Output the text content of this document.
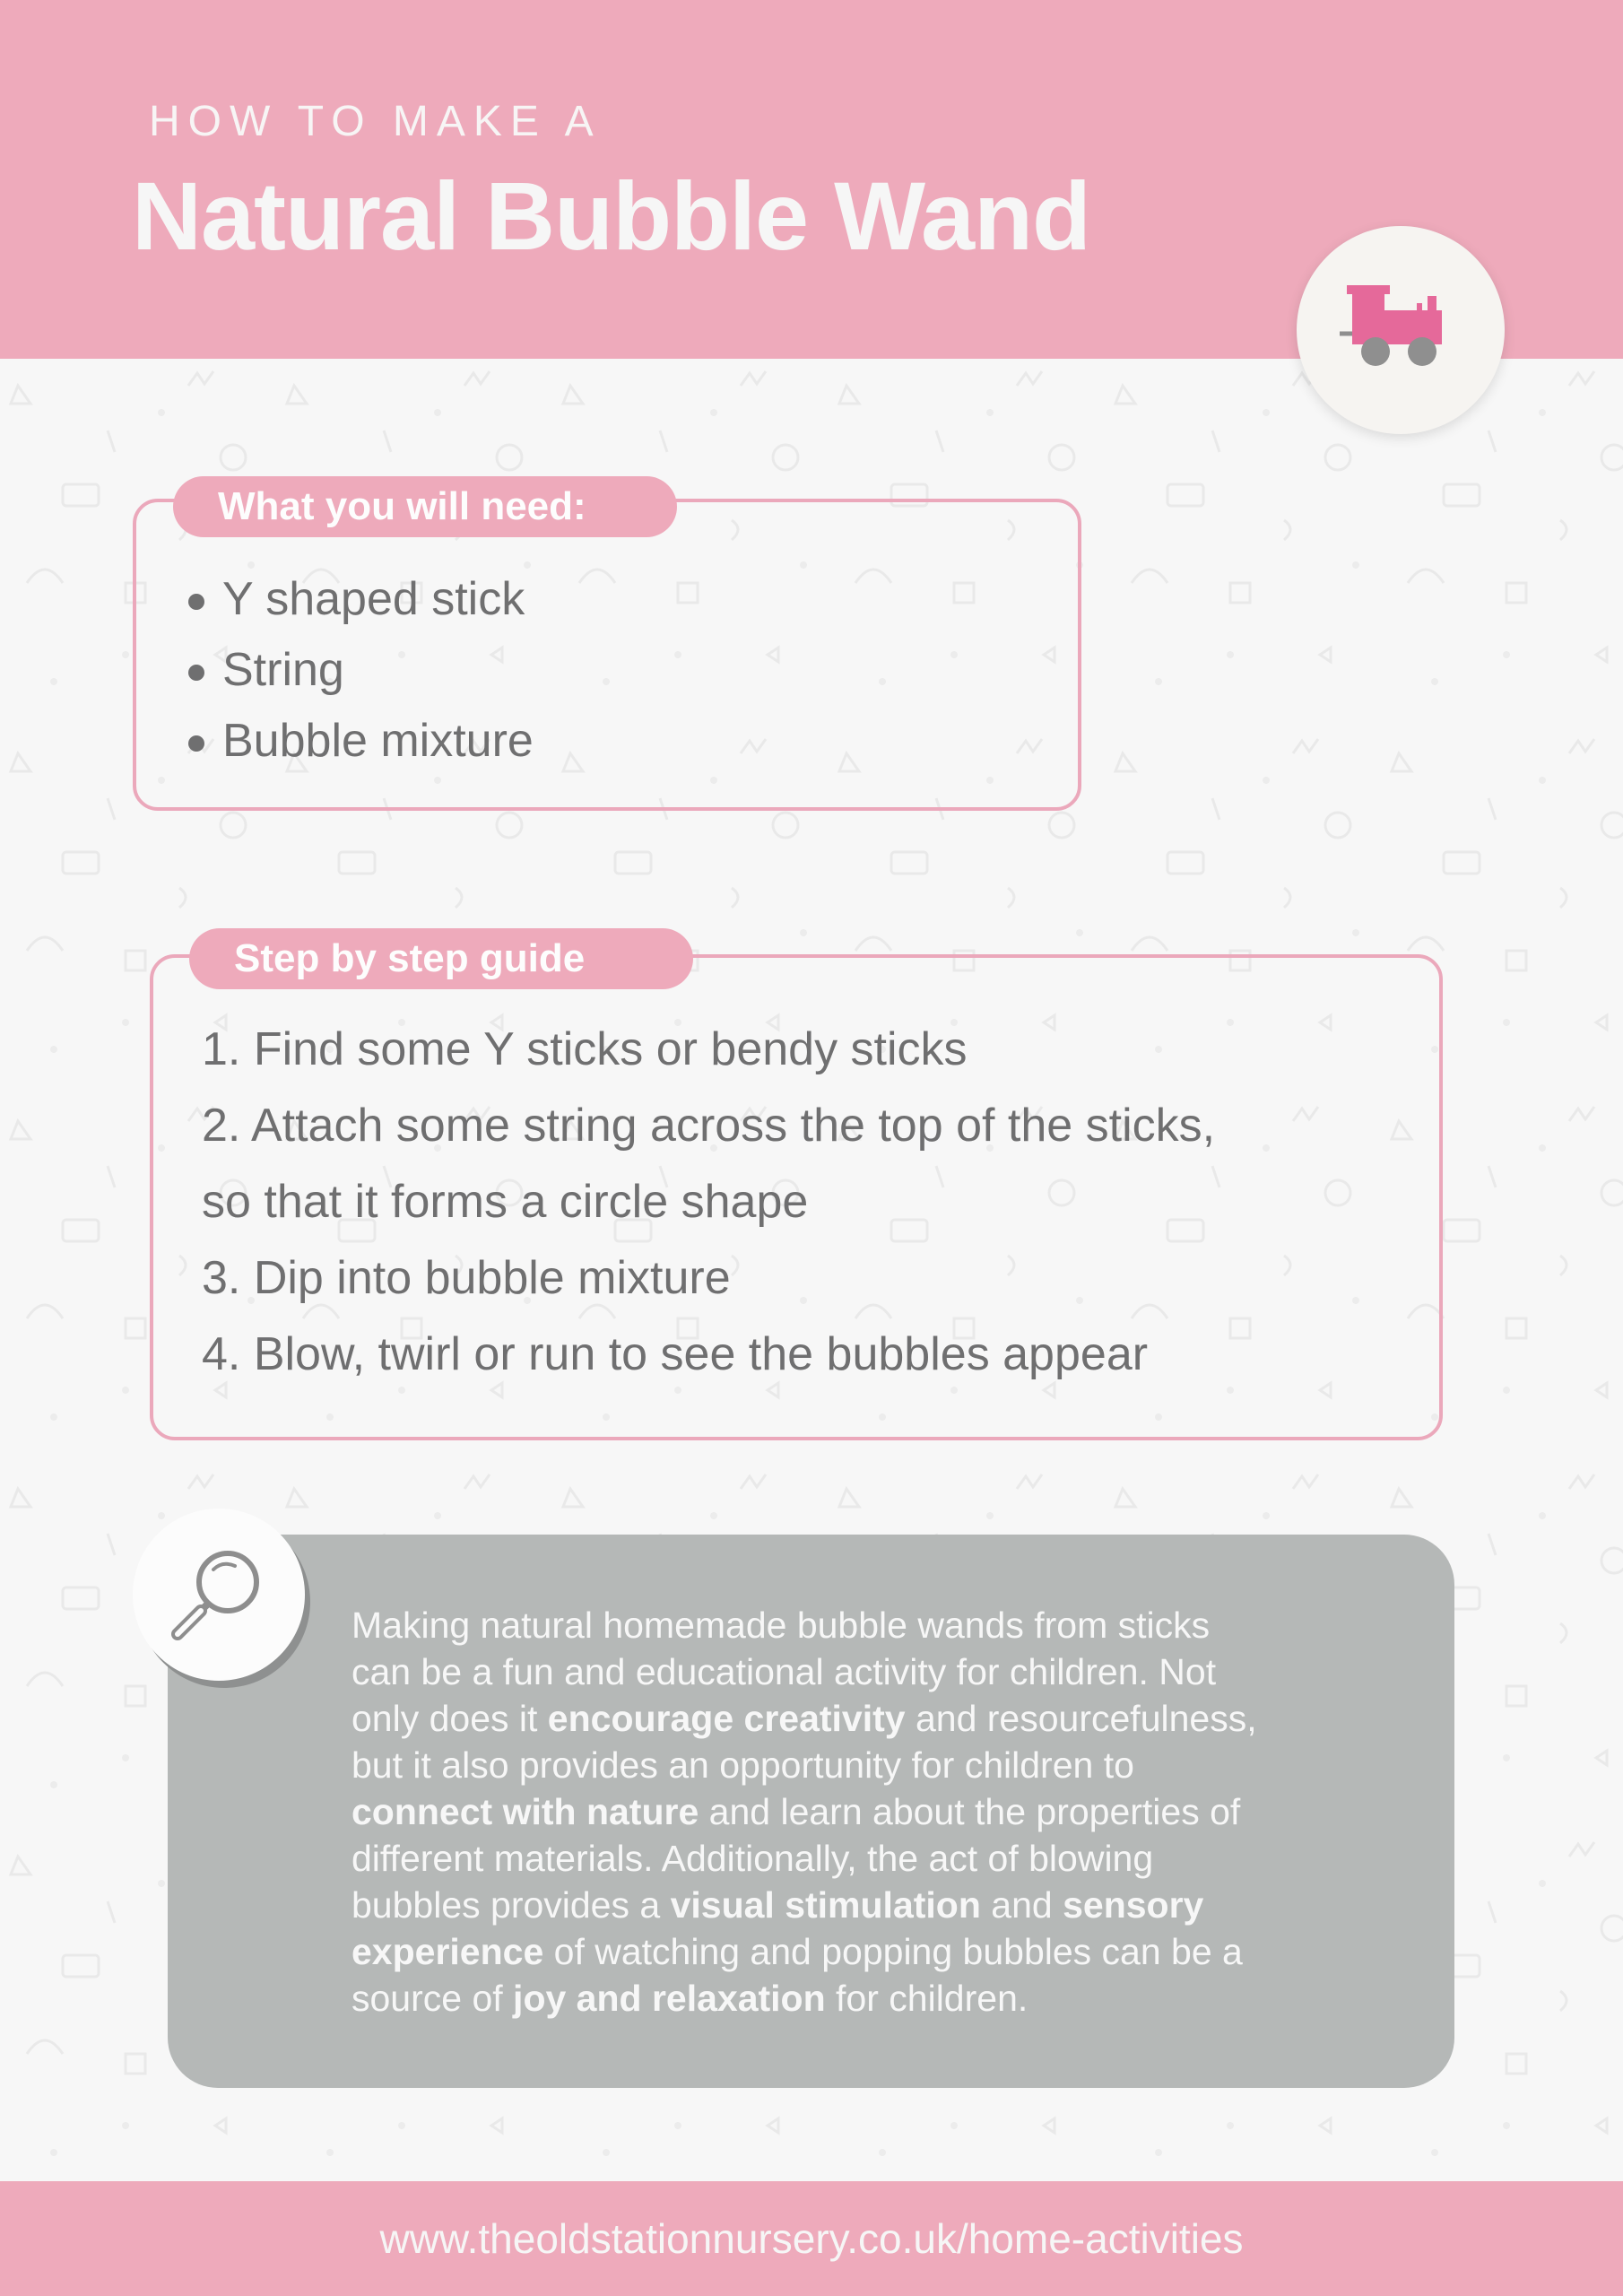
HOW TO MAKE A
Natural Bubble Wand
What you will need:
Y shaped stick
String
Bubble mixture
Step by step guide
1. Find some Y sticks or bendy sticks
2. Attach some string across the top of the sticks,
so that it forms a circle shape
3. Dip into bubble mixture
4. Blow, twirl or run to see the bubbles appear

Making natural homemade bubble wands from sticks

can be a fun and educational activity for children. Not

only does it encourage creativity and resourcefulness,

but it also provides an opportunity for children to

connect with nature and learn about the properties of

different materials. Additionally, the act of blowing

bubbles provides a visual stimulation and sensory

experience of watching and popping bubbles can be a

source of joy and relaxation for children.

www.theoldstationnursery.co.uk/home-activities
